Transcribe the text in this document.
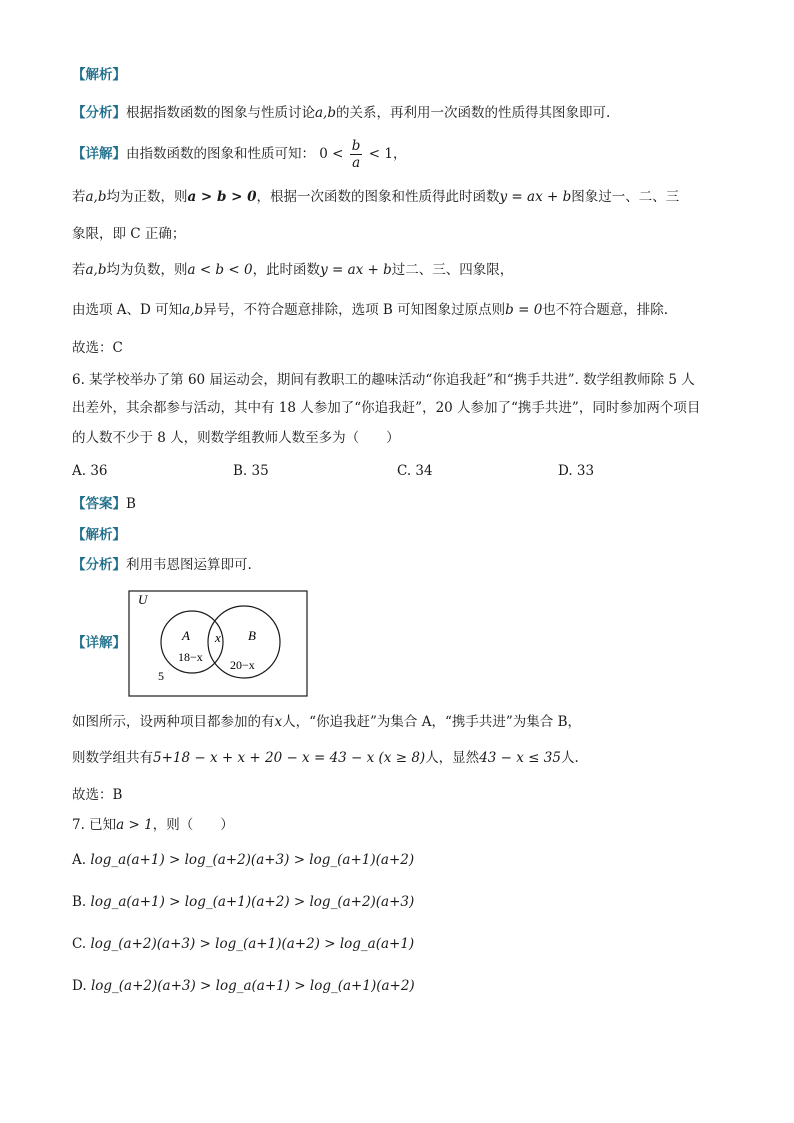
【解析】
【分析】根据指数函数的图象与性质讨论a,b的关系，再利用一次函数的性质得其图象即可.
【详解】由指数函数的图象和性质可知： $0 < \frac{b}{a} < 1$，
若a,b均为正数，则a > b > 0，根据一次函数的图象和性质得此时函数y = ax + b图象过一、二、三
象限，即 C 正确；
若a,b均为负数，则a < b < 0，此时函数y = ax + b过二、三、四象限，
由选项 A、D 可知a,b异号，不符合题意排除，选项 B 可知图象过原点则b = 0也不符合题意，排除.
故选：C
6. 某学校举办了第 60 届运动会，期间有教职工的趣味活动“你追我赶”和“携手共进”. 数学组教师除 5 人
出差外，其余都参与活动，其中有 18 人参加了“你追我赶”，20 人参加了“携手共进”，同时参加两个项目
的人数不少于 8 人，则数学组教师人数至多为（　　）
A. 36	B. 35	C. 34	D. 33
【答案】B
【解析】
【分析】利用韦恩图运算即可.
【详解】
U
A	B
x
18−x
20−x
5
如图所示，设两种项目都参加的有x人，“你追我赶”为集合 A，“携手共进”为集合 B，
则数学组共有5+18 − x + x + 20 − x = 43 − x (x ≥ 8)人，显然43 − x ≤ 35人.
故选：B
7. 已知a > 1，则（　　）
A. log_a(a+1) > log_(a+2)(a+3) > log_(a+1)(a+2)
B. log_a(a+1) > log_(a+1)(a+2) > log_(a+2)(a+3)
C. log_(a+2)(a+3) > log_(a+1)(a+2) > log_a(a+1)
D. log_(a+2)(a+3) > log_a(a+1) > log_(a+1)(a+2)
